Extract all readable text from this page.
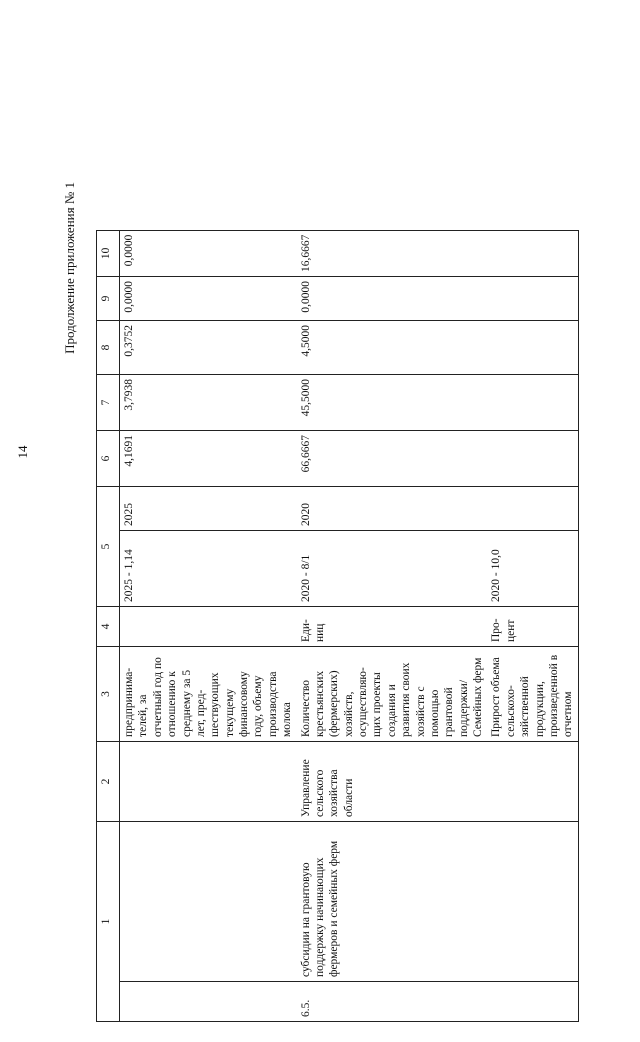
14
Продолжение приложения № 1
1		2	3	4	5		6	7	8	9	10
			предпринима-телей, за отчетный год по отношению к среднему за 5 лет, пред-шествующих текущему финансовому году, объему производства молока		2025 - 1,14	2025	4,1691	3,7938	0,3752	0,0000	0,0000
6.5.	субсидии на грантовую поддержку начинающих фермеров и семейных ферм	Управление сельского хозяйства области	Количество крестьянских (фермерских) хозяйств, осуществляю-щих проекты создания и развития своих хозяйств с помощью грантовой поддержки/ Семейных ферм	Еди-ниц	2020 - 8/1	2020	66,6667	45,5000	4,5000	0,0000	16,6667
			Прирост объема сельскохо-зяйственной продукции, произведенной в отчетном	Про-цент	2020 - 10,0						
